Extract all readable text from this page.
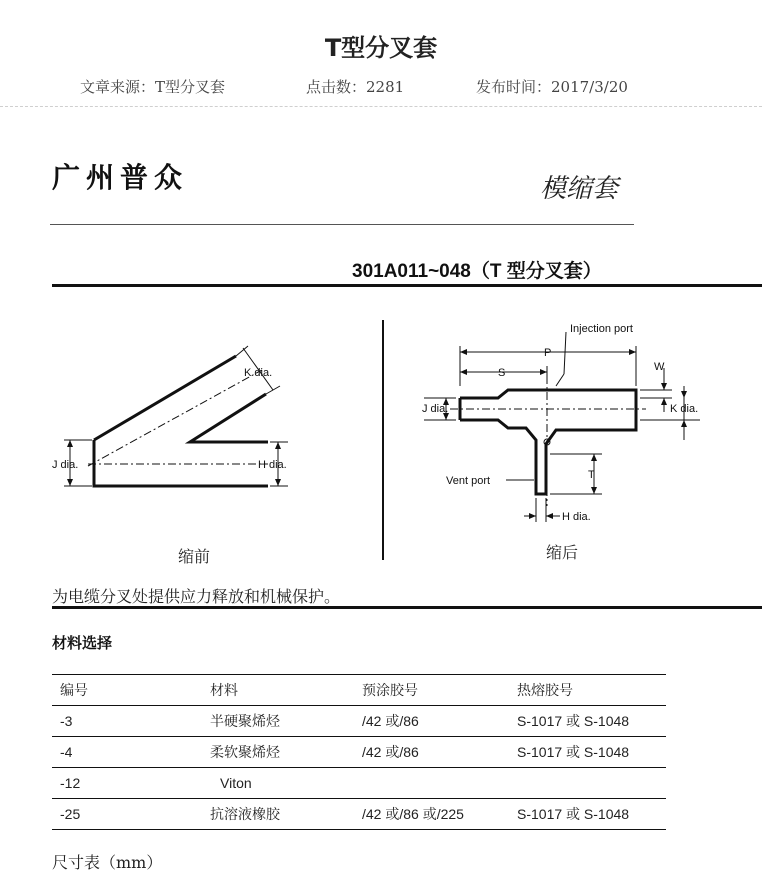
T型分叉套
文章来源：T型分叉套	点击数：2281	发布时间：2017/3/20
广州普众	模缩套
301A011~048（T 型分叉套）
K dia.
J dia.	H dia.
缩前
Injection port
P
S	W
J dia.	K dia.
T
Vent port
H dia.
缩后
为电缆分叉处提供应力释放和机械保护。
材料选择
编号	材料	预涂胶号	热熔胶号
-3	半硬聚烯烃	/42 或/86	S-1017 或 S-1048
-4	柔软聚烯烃	/42 或/86	S-1017 或 S-1048
-12	Viton		
-25	抗溶液橡胶	/42 或/86 或/225	S-1017 或 S-1048
尺寸表（mm）
